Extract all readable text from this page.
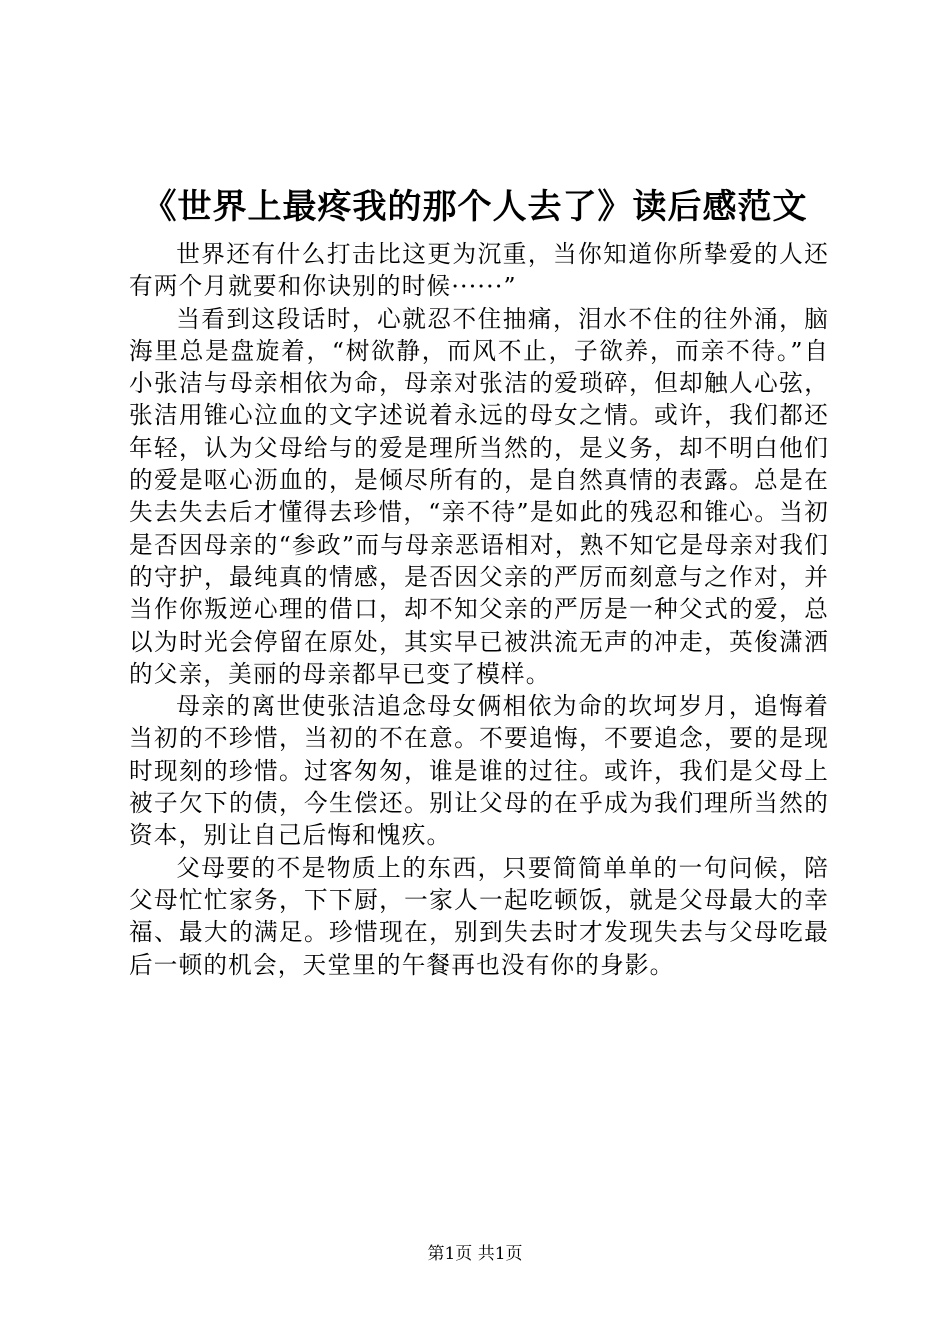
《世界上最疼我的那个人去了》读后感范文

世界还有什么打击比这更为沉重，当你知道你所挚爱的人还有两个月就要和你诀别的时候······”

当看到这段话时，心就忍不住抽痛，泪水不住的往外涌，脑海里总是盘旋着，“树欲静，而风不止，子欲养，而亲不待。”自小张洁与母亲相依为命，母亲对张洁的爱琐碎，但却触人心弦，张洁用锥心泣血的文字述说着永远的母女之情。或许，我们都还年轻，认为父母给与的爱是理所当然的，是义务，却不明白他们的爱是呕心沥血的，是倾尽所有的，是自然真情的表露。总是在失去失去后才懂得去珍惜，“亲不待”是如此的残忍和锥心。当初是否因母亲的“参政”而与母亲恶语相对，熟不知它是母亲对我们的守护，最纯真的情感，是否因父亲的严厉而刻意与之作对，并当作你叛逆心理的借口，却不知父亲的严厉是一种父式的爱，总以为时光会停留在原处，其实早已被洪流无声的冲走，英俊潇洒的父亲，美丽的母亲都早已变了模样。

母亲的离世使张洁追念母女俩相依为命的坎坷岁月，追悔着当初的不珍惜，当初的不在意。不要追悔，不要追念，要的是现时现刻的珍惜。过客匆匆，谁是谁的过往。或许，我们是父母上被子欠下的债，今生偿还。别让父母的在乎成为我们理所当然的资本，别让自己后悔和愧疚。

父母要的不是物质上的东西，只要简简单单的一句问候，陪父母忙忙家务，下下厨，一家人一起吃顿饭，就是父母最大的幸福、最大的满足。珍惜现在，别到失去时才发现失去与父母吃最后一顿的机会，天堂里的午餐再也没有你的身影。

第1页 共1页
